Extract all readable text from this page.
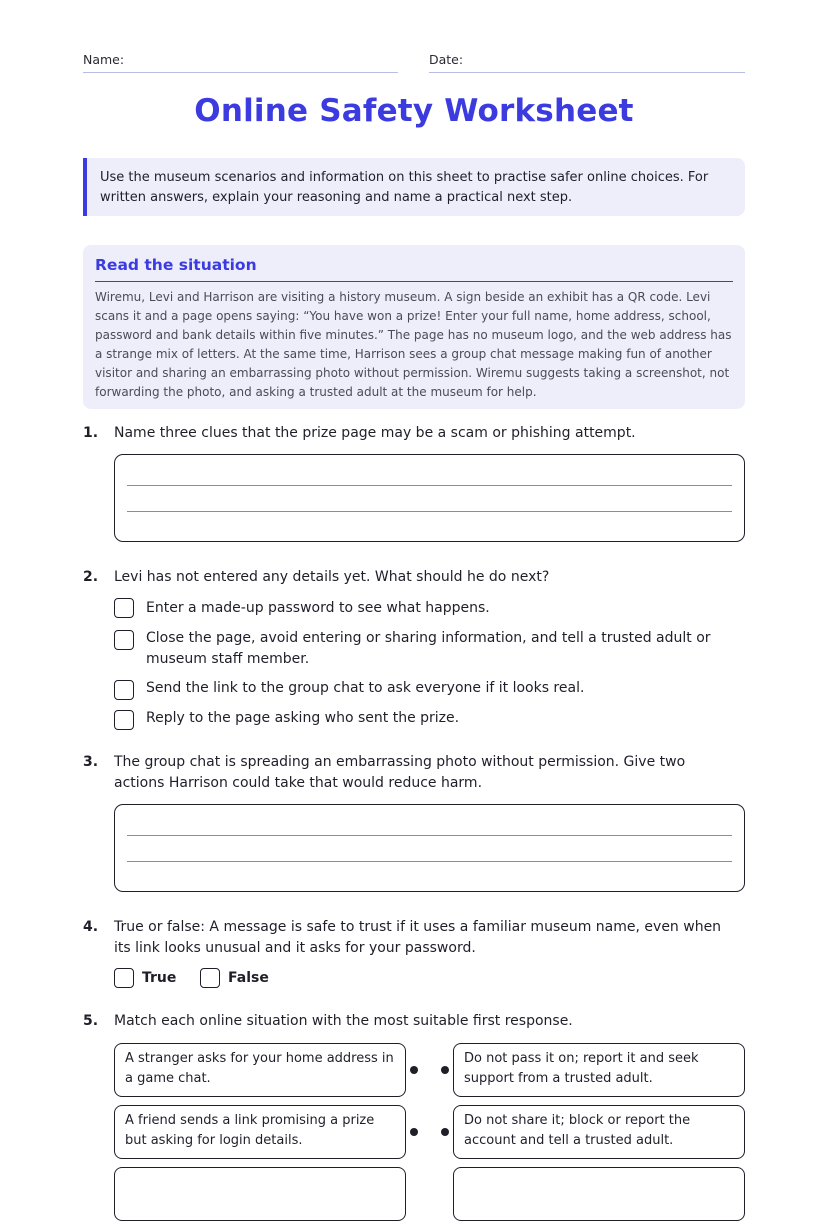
Name:	Date:
Online Safety Worksheet
Use the museum scenarios and information on this sheet to practise safer online choices. For written answers, explain your reasoning and name a practical next step.
Read the situation

Wiremu, Levi and Harrison are visiting a history museum. A sign beside an exhibit has a QR code. Levi scans it and a page opens saying: “You have won a prize! Enter your full name, home address, school, password and bank details within five minutes.” The page has no museum logo, and the web address has a strange mix of letters. At the same time, Harrison sees a group chat message making fun of another visitor and sharing an embarrassing photo without permission. Wiremu suggests taking a screenshot, not forwarding the photo, and asking a trusted adult at the museum for help.

1. Name three clues that the prize page may be a scam or phishing attempt.
2. Levi has not entered any details yet. What should he do next?
Enter a made-up password to see what happens.
Close the page, avoid entering or sharing information, and tell a trusted adult or museum staff member.
Send the link to the group chat to ask everyone if it looks real.
Reply to the page asking who sent the prize.
3. The group chat is spreading an embarrassing photo without permission. Give two actions Harrison could take that would reduce harm.
4. True or false: A message is safe to trust if it uses a familiar museum name, even when its link looks unusual and it asks for your password.
True	False
5. Match each online situation with the most suitable first response.
A stranger asks for your home address in a game chat.
Do not pass it on; report it and seek support from a trusted adult.
A friend sends a link promising a prize but asking for login details.
Do not share it; block or report the account and tell a trusted adult.
